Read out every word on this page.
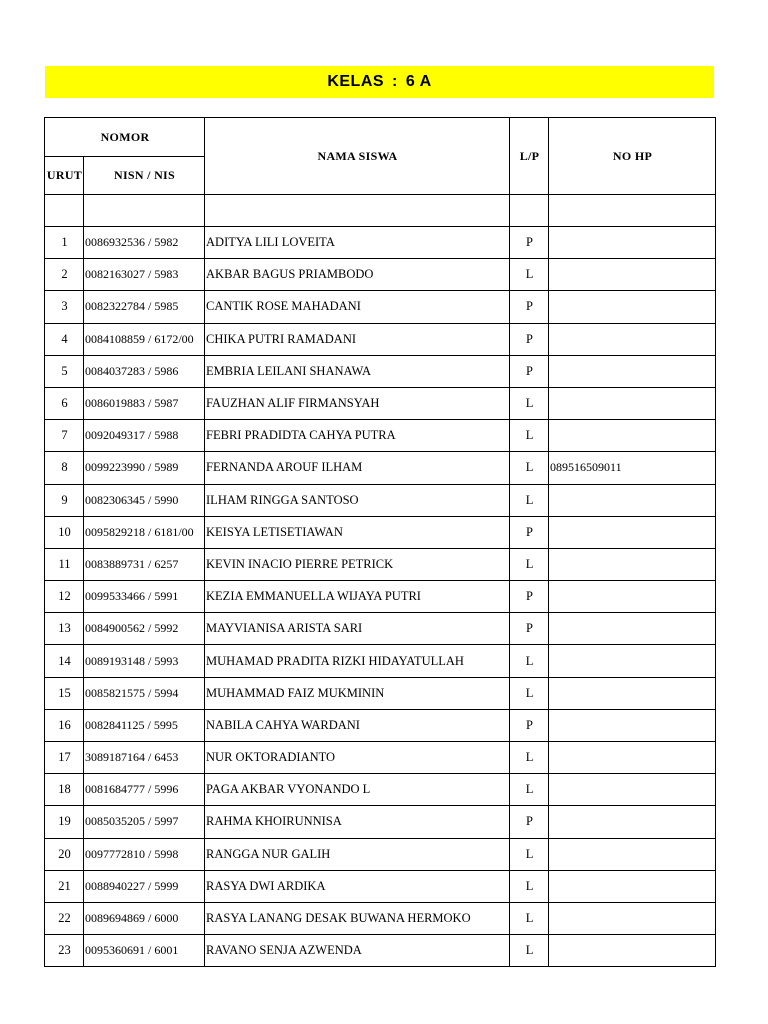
KELAS : 6 A
NOMOR		NAMA SISWA	L/P	NO HP
URUT	NISN / NIS			

1	0086932536 / 5982	ADITYA LILI LOVEITA	P	
2	0082163027 / 5983	AKBAR BAGUS PRIAMBODO	L	
3	0082322784 / 5985	CANTIK ROSE MAHADANI	P	
4	0084108859 / 6172/00	CHIKA PUTRI RAMADANI	P	
5	0084037283 / 5986	EMBRIA LEILANI SHANAWA	P	
6	0086019883 / 5987	FAUZHAN ALIF FIRMANSYAH	L	
7	0092049317 / 5988	FEBRI PRADIDTA CAHYA PUTRA	L	
8	0099223990 / 5989	FERNANDA AROUF ILHAM	L	089516509011
9	0082306345 / 5990	ILHAM RINGGA SANTOSO	L	
10	0095829218 / 6181/00	KEISYA LETISETIAWAN	P	
11	0083889731 / 6257	KEVIN INACIO PIERRE PETRICK	L	
12	0099533466 / 5991	KEZIA EMMANUELLA WIJAYA PUTRI	P	
13	0084900562 / 5992	MAYVIANISA ARISTA SARI	P	
14	0089193148 / 5993	MUHAMAD PRADITA RIZKI HIDAYATULLAH	L	
15	0085821575 / 5994	MUHAMMAD FAIZ MUKMININ	L	
16	0082841125 / 5995	NABILA CAHYA WARDANI	P	
17	3089187164 / 6453	NUR OKTORADIANTO	L	
18	0081684777 / 5996	PAGA AKBAR VYONANDO L	L	
19	0085035205 / 5997	RAHMA KHOIRUNNISA	P	
20	0097772810 / 5998	RANGGA NUR GALIH	L	
21	0088940227 / 5999	RASYA DWI ARDIKA	L	
22	0089694869 / 6000	RASYA LANANG DESAK BUWANA HERMOKO	L	
23	0095360691 / 6001	RAVANO SENJA AZWENDA	L	
